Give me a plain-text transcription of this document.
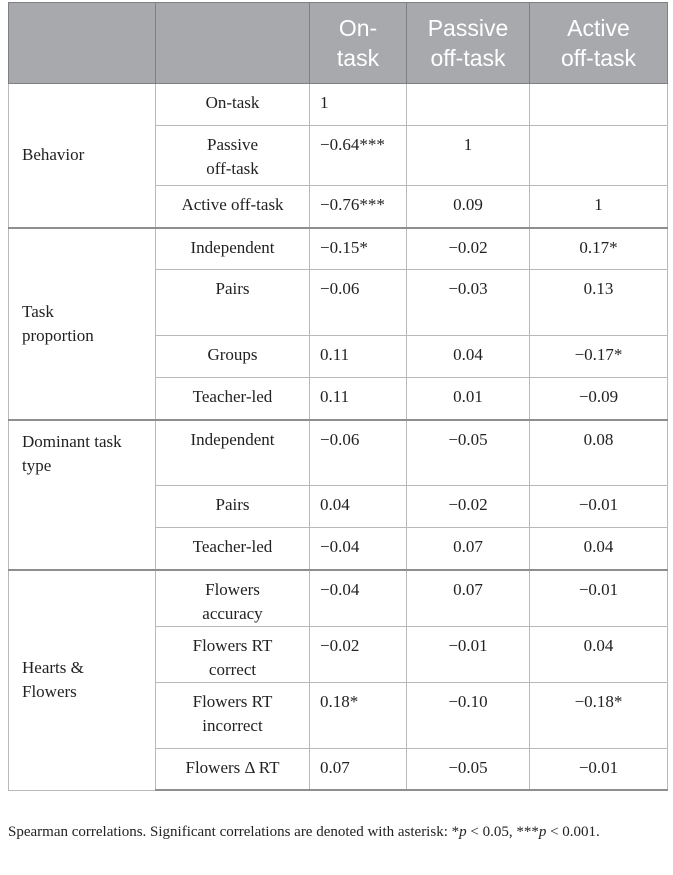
		On-
task	Passive
off-task	Active
off-task
Behavior	On-task	1		
	Passive
off-task	−0.64***	1	
	Active off-task	−0.76***	0.09	1
Task
proportion	Independent	−0.15*	−0.02	0.17*
	Pairs	−0.06	−0.03	0.13
	Groups	0.11	0.04	−0.17*
	Teacher-led	0.11	0.01	−0.09
Dominant task
type	Independent	−0.06	−0.05	0.08
	Pairs	0.04	−0.02	−0.01
	Teacher-led	−0.04	0.07	0.04
Hearts &
Flowers	Flowers
accuracy	−0.04	0.07	−0.01
	Flowers RT
correct	−0.02	−0.01	0.04
	Flowers RT
incorrect	0.18*	−0.10	−0.18*
	Flowers Δ RT	0.07	−0.05	−0.01
Spearman correlations. Significant correlations are denoted with asterisk: *p < 0.05, ***p < 0.001.
